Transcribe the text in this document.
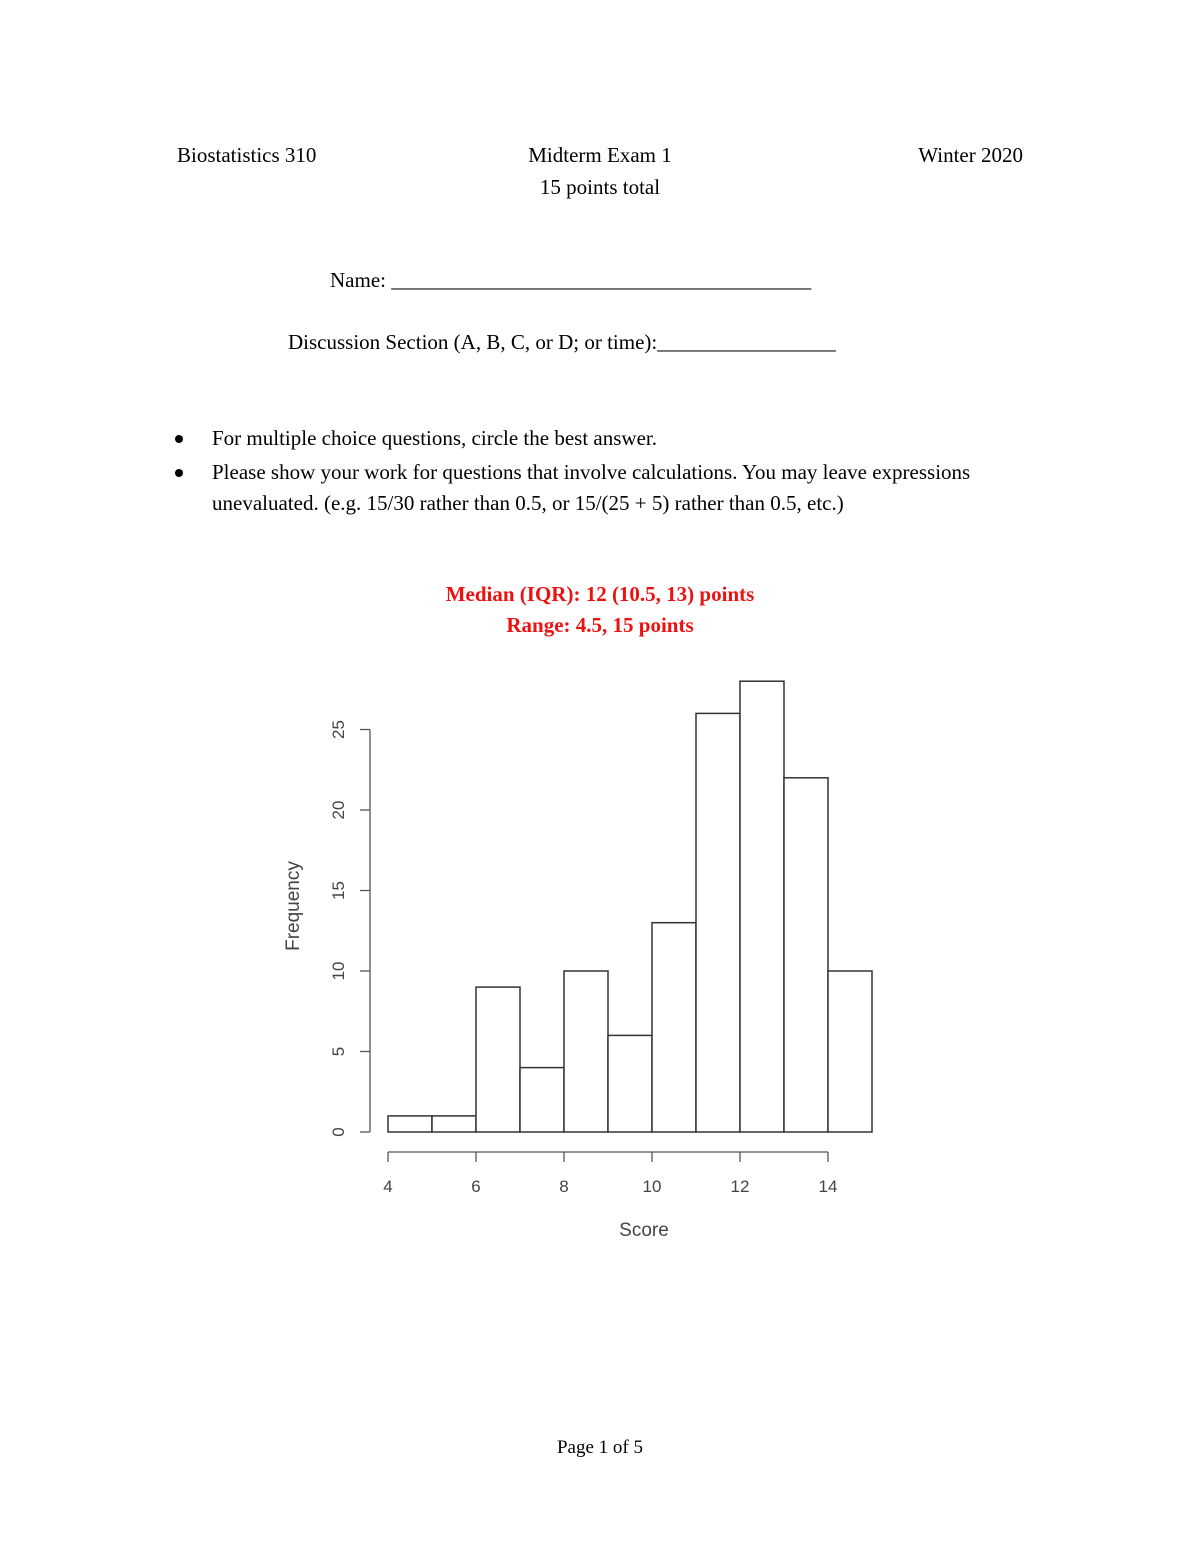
Biostatistics 310	Midterm Exam 1	Winter 2020
15 points total
Name: ________________________________________
Discussion Section (A, B, C, or D; or time):_________________
For multiple choice questions, circle the best answer.
Please show your work for questions that involve calculations. You may leave expressions unevaluated. (e.g. 15/30 rather than 0.5, or 15/(25 + 5) rather than 0.5, etc.)
Median (IQR): 12 (10.5, 13) points
Range: 4.5, 15 points
0
5
10
15
20
25
4	6	8	10	12	14
Score
Frequency
Page 1 of 5
